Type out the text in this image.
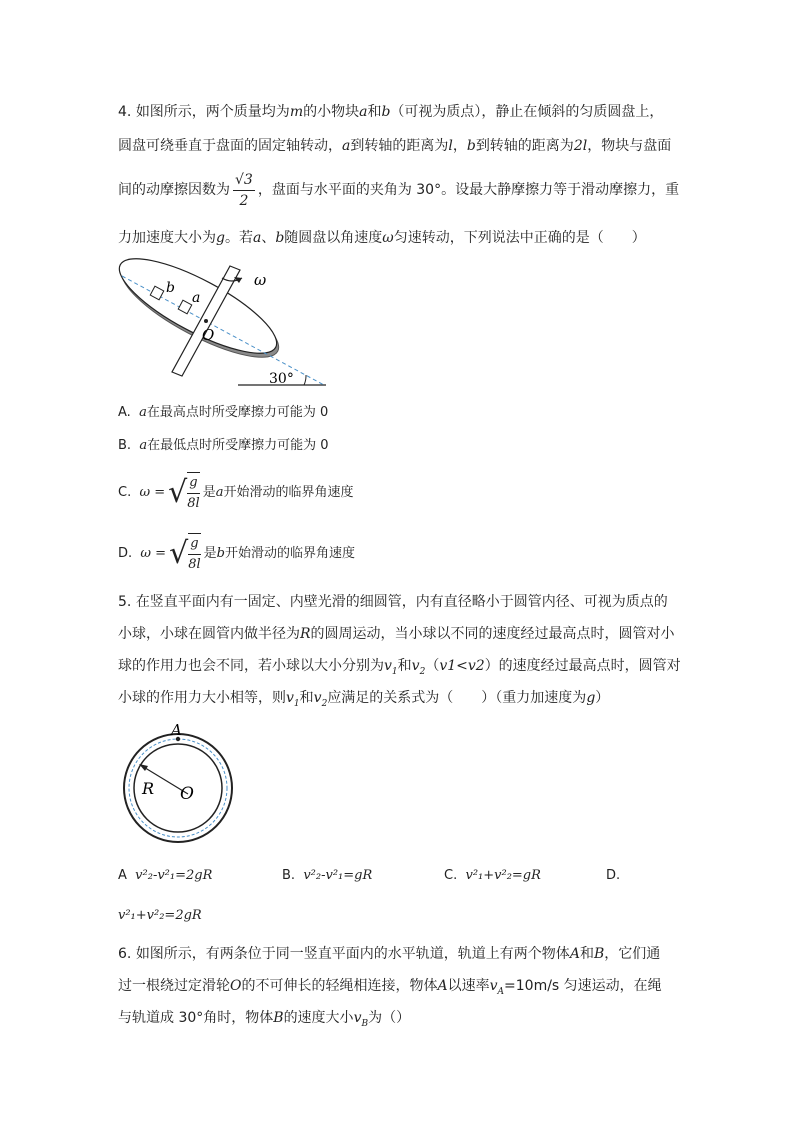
4. 如图所示，两个质量均为m的小物块a和b（可视为质点），静止在倾斜的匀质圆盘上，
圆盘可绕垂直于盘面的固定轴转动，a到转轴的距离为l，b到转轴的距离为2l，物块与盘面
间的动摩擦因数为 $\frac{√3}{2}$ ，盘面与水平面的夹角为 30°。设最大静摩擦力等于滑动摩擦力，重
力加速度大小为g。若a、b随圆盘以角速度ω匀速转动，下列说法中正确的是（　　）
ω
b
a
O
30°
A. a在最高点时所受摩擦力可能为 0
B. a在最低点时所受摩擦力可能为 0
C.
ω = √ $\frac{g}{8l}$ 是 a 开始滑动的临界角速度
D.
ω = √ $\frac{g}{8l}$ 是 b 开始滑动的临界角速度
5. 在竖直平面内有一固定、内壁光滑的细圆管，内有直径略小于圆管内径、可视为质点的
小球，小球在圆管内做半径为R的圆周运动，当小球以不同的速度经过最高点时，圆管对小
球的作用力也会不同，若小球以大小分别为$v_1$和$v_2(v1<v2)$的速度经过最高点时，圆管对
小球的作用力大小相等，则$v_1$和$v_2$应满足的关系式为（　　）（重力加速度为g）
A
R O
A v²₂-v²₁=2gR	B. v²₂-v²₁=gR	C. v²₁+v²₂=gR	D.
v²₁+v²₂=2gR
6. 如图所示，有两条位于同一竖直平面内的水平轨道，轨道上有两个物体A和B，它们通
过一根绕过定滑轮O的不可伸长的轻绳相连接，物体A以速率$v_A=10m/s$ 匀速运动，在绳
与轨道成 30°角时，物体B的速度大小$v_B$为（）
